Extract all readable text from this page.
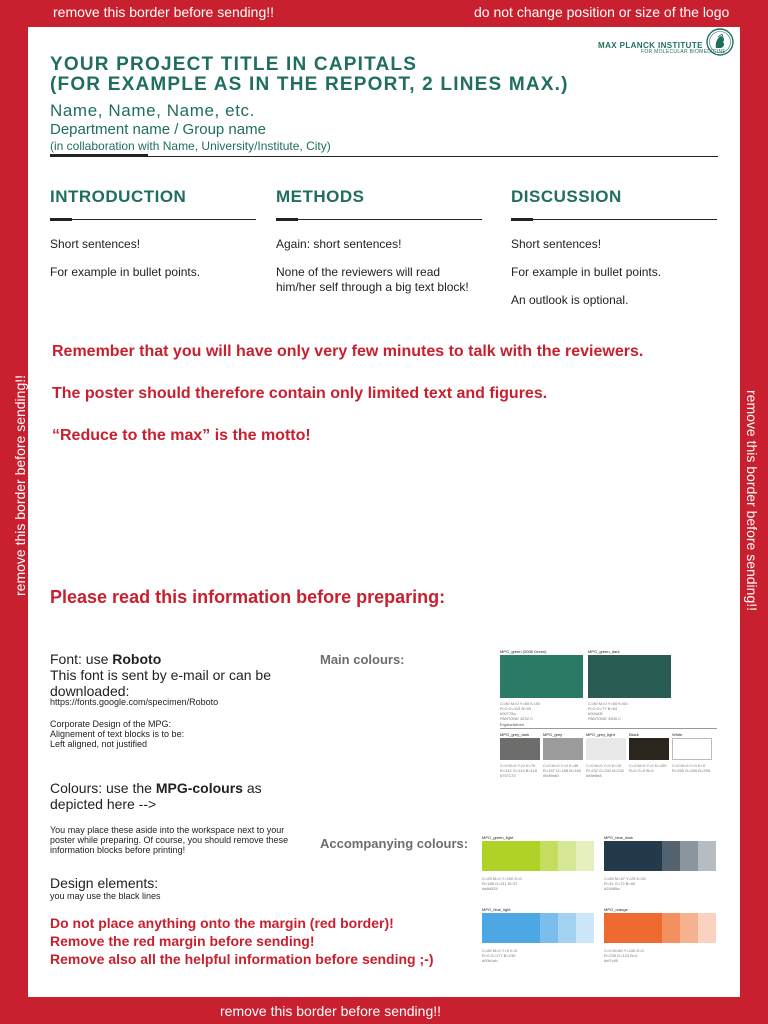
remove this border before sending!!	do not change position or size of the logo
remove this border before sending!!
remove this border before sending!!	remove this border before sending!!
MAX PLANCK INSTITUTE
FOR MOLECULAR BIOMEDICINE
YOUR PROJECT TITLE IN CAPITALS
(FOR EXAMPLE AS IN THE REPORT, 2 LINES MAX.)
Name, Name, Name, etc.
Department name / Group name
(in collaboration with Name, University/Institute, City)
INTRODUCTION

Short sentences!

For example in bullet points.

METHODS

Again: short sentences!

None of the reviewers will read him/her self through a big text block!

DISCUSSION

Short sentences!

For example in bullet points.

An outlook is optional.

Remember that you will have only very few minutes to talk with the reviewers.
The poster should therefore contain only limited text and figures.
“Reduce to the max” is the motto!
Please read this information before preparing:
Font: use Roboto
This font is sent by e-mail or can be downloaded:
https://fonts.google.com/specimen/Roboto
Corporate Design of the MPG:
Alignement of text blocks is to be:
Left aligned, not justified
Colours: use the MPG-colours as
depicted here -->
You may place these aside into the workspace next to your poster while preparing. Of course, you should remove these information blocks before printing!
Design elements:
you may use the black lines
Do not place anything onto the margin (red border)!
Remove the red margin before sending!
Remove also all the helpful information before sending ;-)
Main colours:
Accompanying colours:
MPG_green (2008 Green)
C=80 M=0 Y=60 K=35
R=0 G=119 B=90
#00775a
PANTONE 3292 C
MPG_green_dark
C=80 M=0 Y=60 K=60
R=0 G=77 B=63
#004d3f
PANTONE 3305 C
Ergänzfarben
MPG_grey_dark
C=0 M=0 Y=0 K=70
R=112 G=113 B=115
#707173
MPG_grey
C=0 M=0 Y=0 K=45
R=157 G=158 B=160
#9d9ea0
MPG_grey_light
C=0 M=0 Y=0 K=10
R=232 G=232 B=232
#e8e8e8
Black
C=0 M=0 Y=0 K=100
R=0 G=0 B=0
White
C=0 M=0 Y=0 K=0
R=255 G=255 B=255
MPG_green_light
C=25 M=0 Y=100 K=0
R=168 G=211 B=37
#a8d325
MPG_blue_dark
C=85 M=47 Y=25 K=51
R=41 G=72 B=90
#29485a
MPG_blue_light
C=80 M=0 Y=0 K=0
R=0 G=177 B=235
#00b1eb
MPG_orange
C=0 M=60 Y=100 K=0
R=239 G=124 B=0
#ef7c00
